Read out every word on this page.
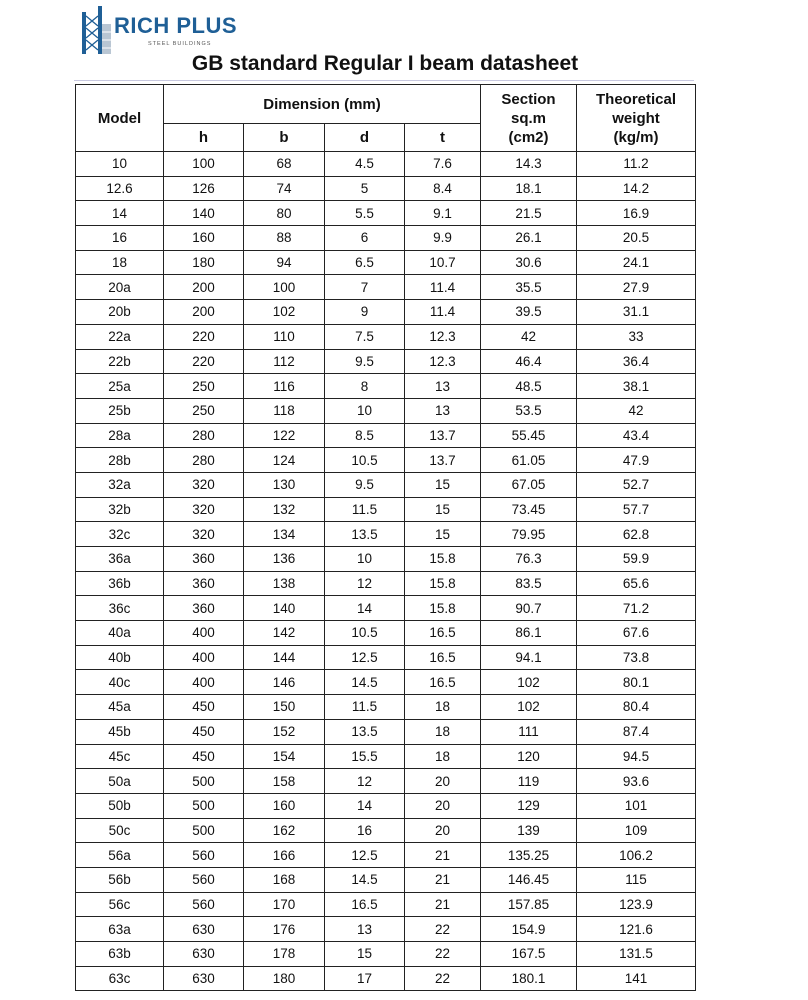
RICH PLUS
STEEL BUILDINGS
GB standard Regular I beam datasheet
Model	Dimension (mm)				Section
sq.m
(cm2)	Theoretical
weight
(kg/m)
	h	b	d	t		
10	100	68	4.5	7.6	14.3	11.2
12.6	126	74	5	8.4	18.1	14.2
14	140	80	5.5	9.1	21.5	16.9
16	160	88	6	9.9	26.1	20.5
18	180	94	6.5	10.7	30.6	24.1
20a	200	100	7	11.4	35.5	27.9
20b	200	102	9	11.4	39.5	31.1
22a	220	110	7.5	12.3	42	33
22b	220	112	9.5	12.3	46.4	36.4
25a	250	116	8	13	48.5	38.1
25b	250	118	10	13	53.5	42
28a	280	122	8.5	13.7	55.45	43.4
28b	280	124	10.5	13.7	61.05	47.9
32a	320	130	9.5	15	67.05	52.7
32b	320	132	11.5	15	73.45	57.7
32c	320	134	13.5	15	79.95	62.8
36a	360	136	10	15.8	76.3	59.9
36b	360	138	12	15.8	83.5	65.6
36c	360	140	14	15.8	90.7	71.2
40a	400	142	10.5	16.5	86.1	67.6
40b	400	144	12.5	16.5	94.1	73.8
40c	400	146	14.5	16.5	102	80.1
45a	450	150	11.5	18	102	80.4
45b	450	152	13.5	18	111	87.4
45c	450	154	15.5	18	120	94.5
50a	500	158	12	20	119	93.6
50b	500	160	14	20	129	101
50c	500	162	16	20	139	109
56a	560	166	12.5	21	135.25	106.2
56b	560	168	14.5	21	146.45	115
56c	560	170	16.5	21	157.85	123.9
63a	630	176	13	22	154.9	121.6
63b	630	178	15	22	167.5	131.5
63c	630	180	17	22	180.1	141
